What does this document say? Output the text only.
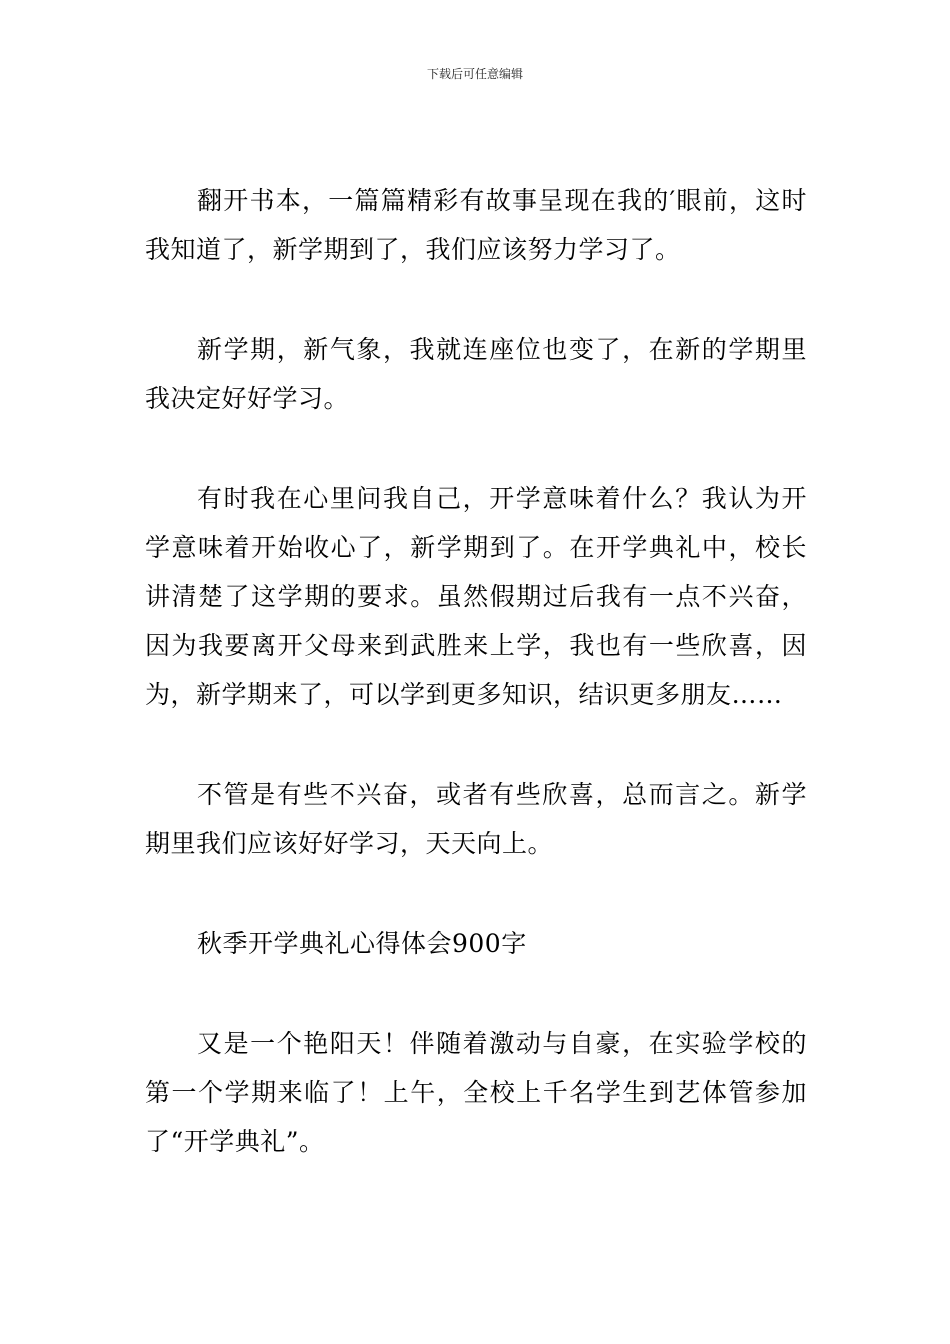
下载后可任意编辑

翻开书本，一篇篇精彩有故事呈现在我的′眼前，这时我知道了，新学期到了，我们应该努力学习了。

新学期，新气象，我就连座位也变了，在新的学期里我决定好好学习。

有时我在心里问我自己，开学意味着什么？我认为开学意味着开始收心了，新学期到了。在开学典礼中，校长讲清楚了这学期的要求。虽然假期过后我有一点不兴奋，因为我要离开父母来到武胜来上学，我也有一些欣喜，因为，新学期来了，可以学到更多知识，结识更多朋友……

不管是有些不兴奋，或者有些欣喜，总而言之。新学期里我们应该好好学习，天天向上。

秋季开学典礼心得体会900字

又是一个艳阳天！伴随着激动与自豪，在实验学校的第一个学期来临了！上午，全校上千名学生到艺体管参加了“开学典礼”。
